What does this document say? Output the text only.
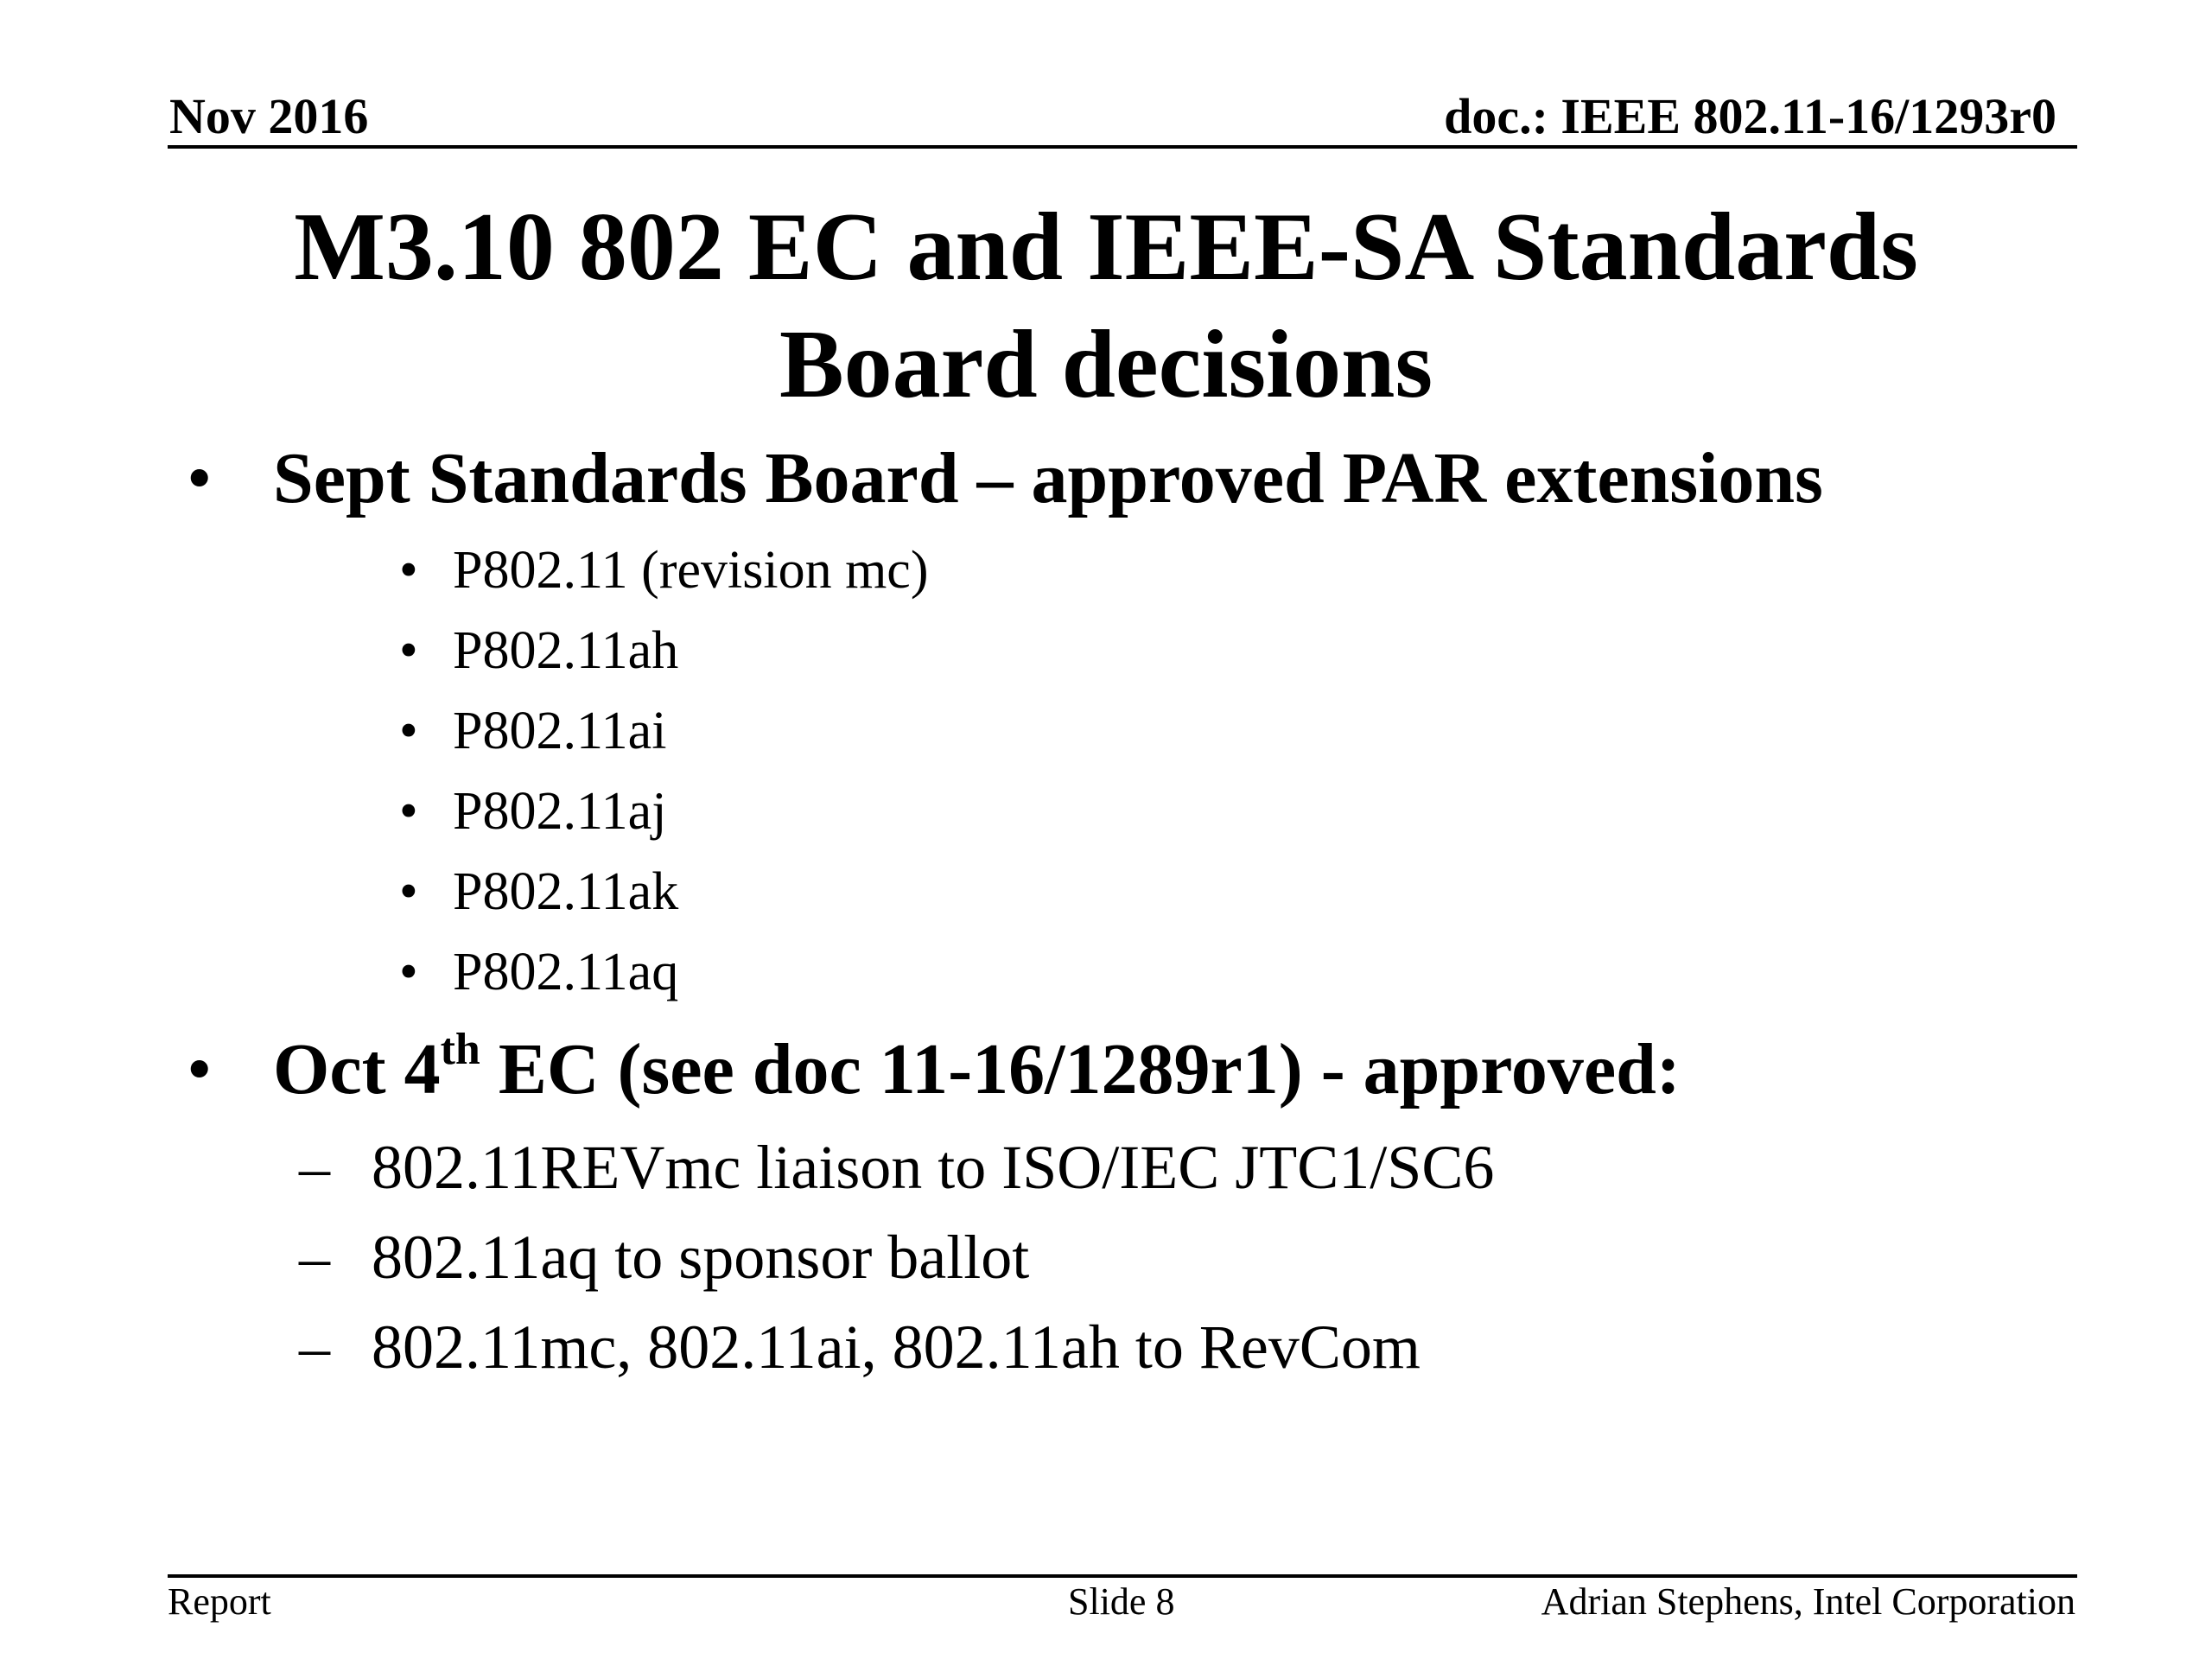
Nov 2016	doc.: IEEE 802.11-16/1293r0
M3.10 802 EC and IEEE-SA Standards
Board decisions
• Sept Standards Board – approved PAR extensions
• P802.11 (revision mc)
• P802.11ah
• P802.11ai
• P802.11aj
• P802.11ak
• P802.11aq
• Oct 4th EC (see doc 11-16/1289r1) - approved:
– 802.11REVmc liaison to ISO/IEC JTC1/SC6
– 802.11aq to sponsor ballot
– 802.11mc, 802.11ai, 802.11ah to RevCom
Report	Slide 8	Adrian Stephens, Intel Corporation
